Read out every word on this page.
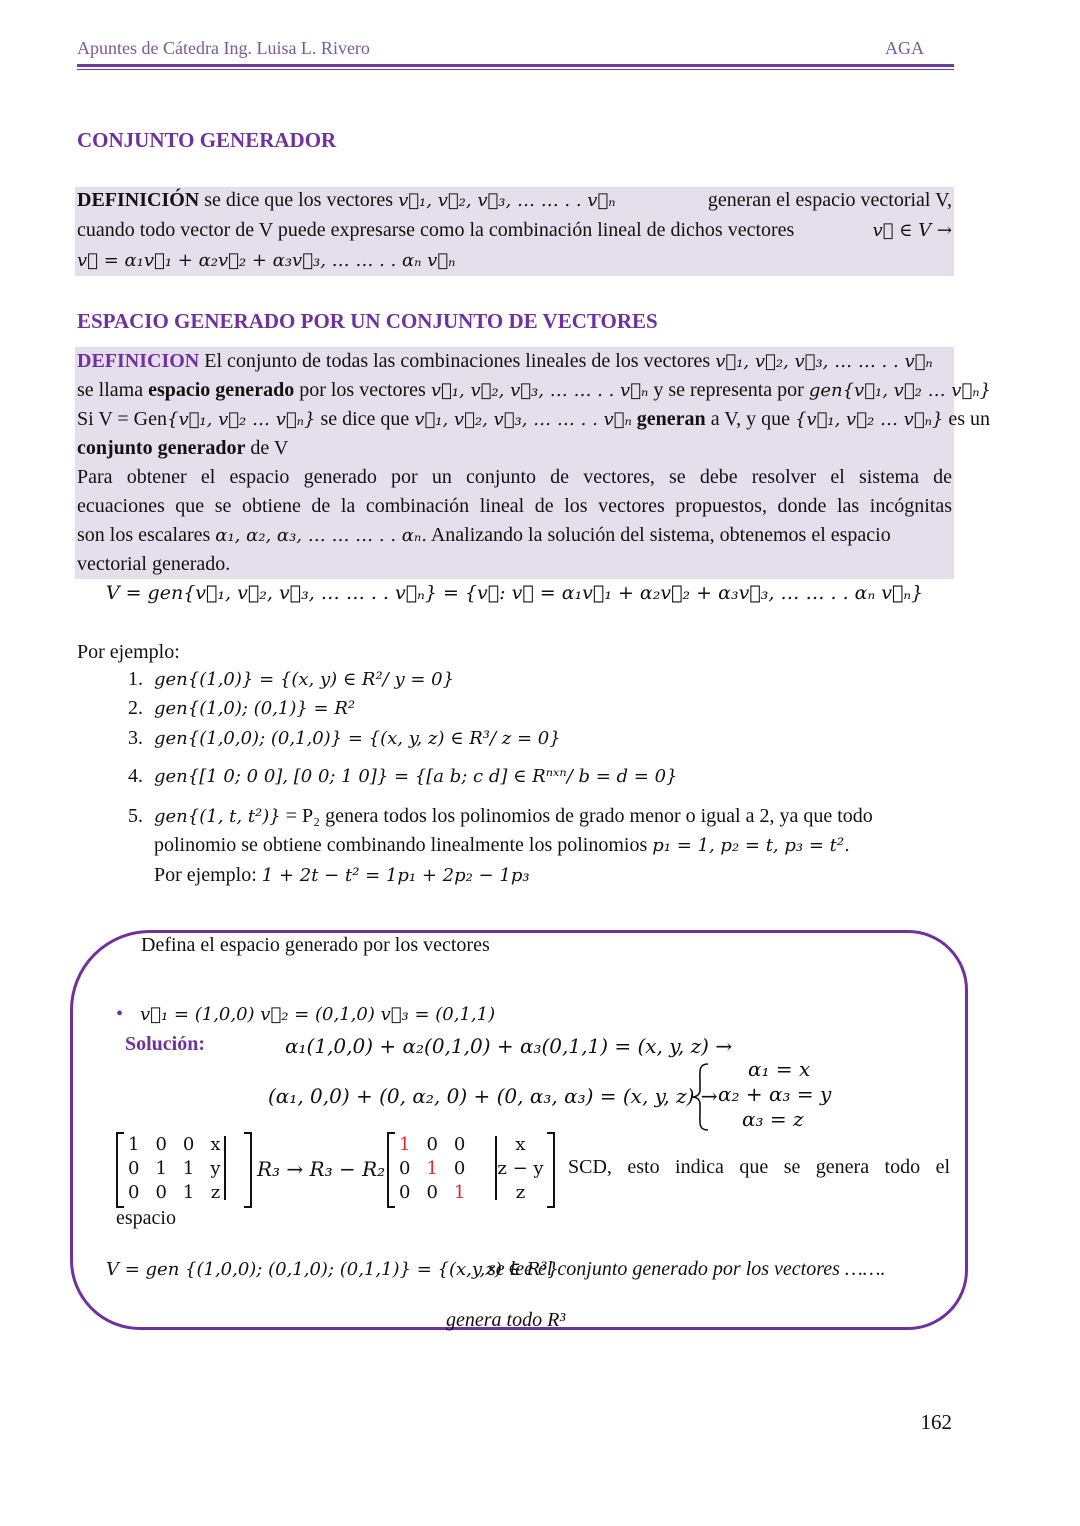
Apuntes de Cátedra Ing. Luisa L. Rivero	AGA
CONJUNTO GENERADOR
DEFINICIÓN se dice que los vectores v⃗₁, v⃗₂, v⃗₃, … … . . v⃗ₙ	generan el espacio vectorial V,
cuando todo vector de V puede expresarse como la combinación lineal de dichos vectores	v⃗ ∈ V →
v⃗ = α₁v⃗₁ + α₂v⃗₂ + α₃v⃗₃, … … . . αₙ v⃗ₙ
ESPACIO GENERADO POR UN CONJUNTO DE VECTORES
DEFINICION El conjunto de todas las combinaciones lineales de los vectores v⃗₁, v⃗₂, v⃗₃, … … . . v⃗ₙ
se llama espacio generado por los vectores v⃗₁, v⃗₂, v⃗₃, … … . . v⃗ₙ y se representa por gen{v⃗₁, v⃗₂ … v⃗ₙ}
Si V = Gen{v⃗₁, v⃗₂ … v⃗ₙ} se dice que v⃗₁, v⃗₂, v⃗₃, … … . . v⃗ₙ generan a V, y que {v⃗₁, v⃗₂ … v⃗ₙ} es un
conjunto generador de V
Para obtener el espacio generado por un conjunto de vectores, se debe resolver el sistema de
ecuaciones que se obtiene de la combinación lineal de los vectores propuestos, donde las incógnitas
son los escalares α₁, α₂, α₃, … … … . . αₙ. Analizando la solución del sistema, obtenemos el espacio
vectorial generado.
V = gen{v⃗₁, v⃗₂, v⃗₃, … … . . v⃗ₙ} = {v⃗: v⃗ = α₁v⃗₁ + α₂v⃗₂ + α₃v⃗₃, … … . . αₙ v⃗ₙ}
Por ejemplo:
1. gen{(1,0)} = {(x, y) ∈ R²/ y = 0}
2. gen{(1,0); (0,1)} = R²
3. gen{(1,0,0); (0,1,0)} = {(x, y, z) ∈ R³/ z = 0}
4. gen{[1 0; 0 0], [0 0; 1 0]} = {[a b; c d] ∈ Rⁿˣⁿ/ b = d = 0}
5. gen{(1, t, t²)} = P₂ genera todos los polinomios de grado menor o igual a 2, ya que todo
polinomio se obtiene combinando linealmente los polinomios p₁ = 1, p₂ = t, p₃ = t².
Por ejemplo: 1 + 2t − t² = 1p₁ + 2p₂ − 1p₃
Defina el espacio generado por los vectores
• v⃗₁ = (1,0,0) v⃗₂ = (0,1,0) v⃗₃ = (0,1,1)
Solución:	α₁(1,0,0) + α₂(0,1,0) + α₃(0,1,1) = (x, y, z) →
(α₁, 0,0) + (0, α₂, 0) + (0, α₃, α₃) = (x, y, z) →
α₁ = x
α₂ + α₃ = y
α₃ = z
1	0	0	x
0	1	1	y
0	0	1	z
R₃ → R₃ − R₂
1	0	0	x
0	1	0	z − y
0	0	1	z
SCD, esto indica que se genera todo el
espacio
V = gen {(1,0,0); (0,1,0); (0,1,1)} = {(x,y,z) ∈ R³}
se lee el conjunto generado por los vectores …….
genera todo R³
162
